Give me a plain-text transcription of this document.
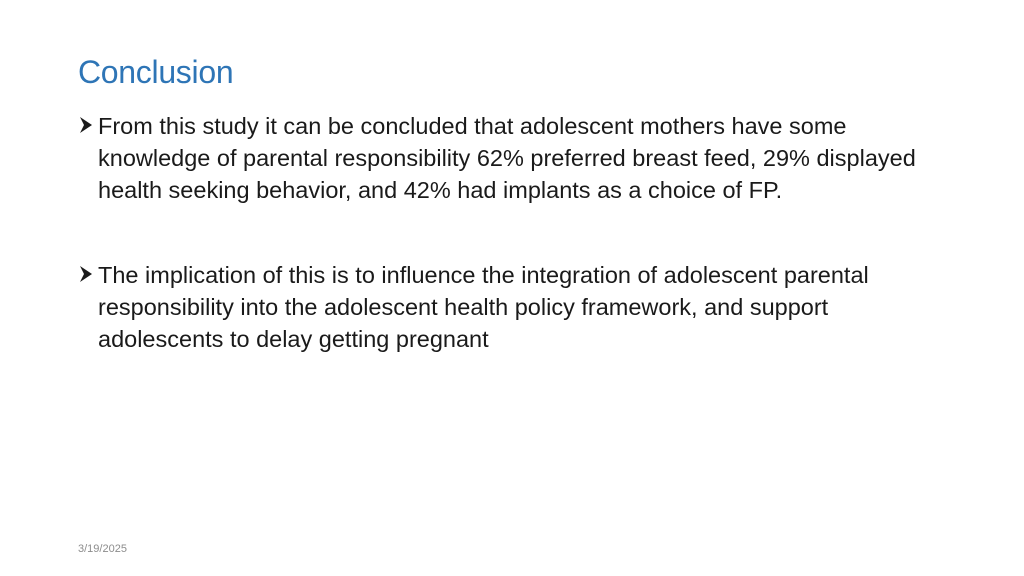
Conclusion
From this study it can be concluded that adolescent mothers have some knowledge of parental responsibility 62% preferred breast feed, 29% displayed health seeking behavior, and 42% had implants as a choice of FP.
The implication of this is to influence the integration of adolescent parental responsibility into the adolescent health policy framework, and support adolescents to delay getting pregnant
3/19/2025
